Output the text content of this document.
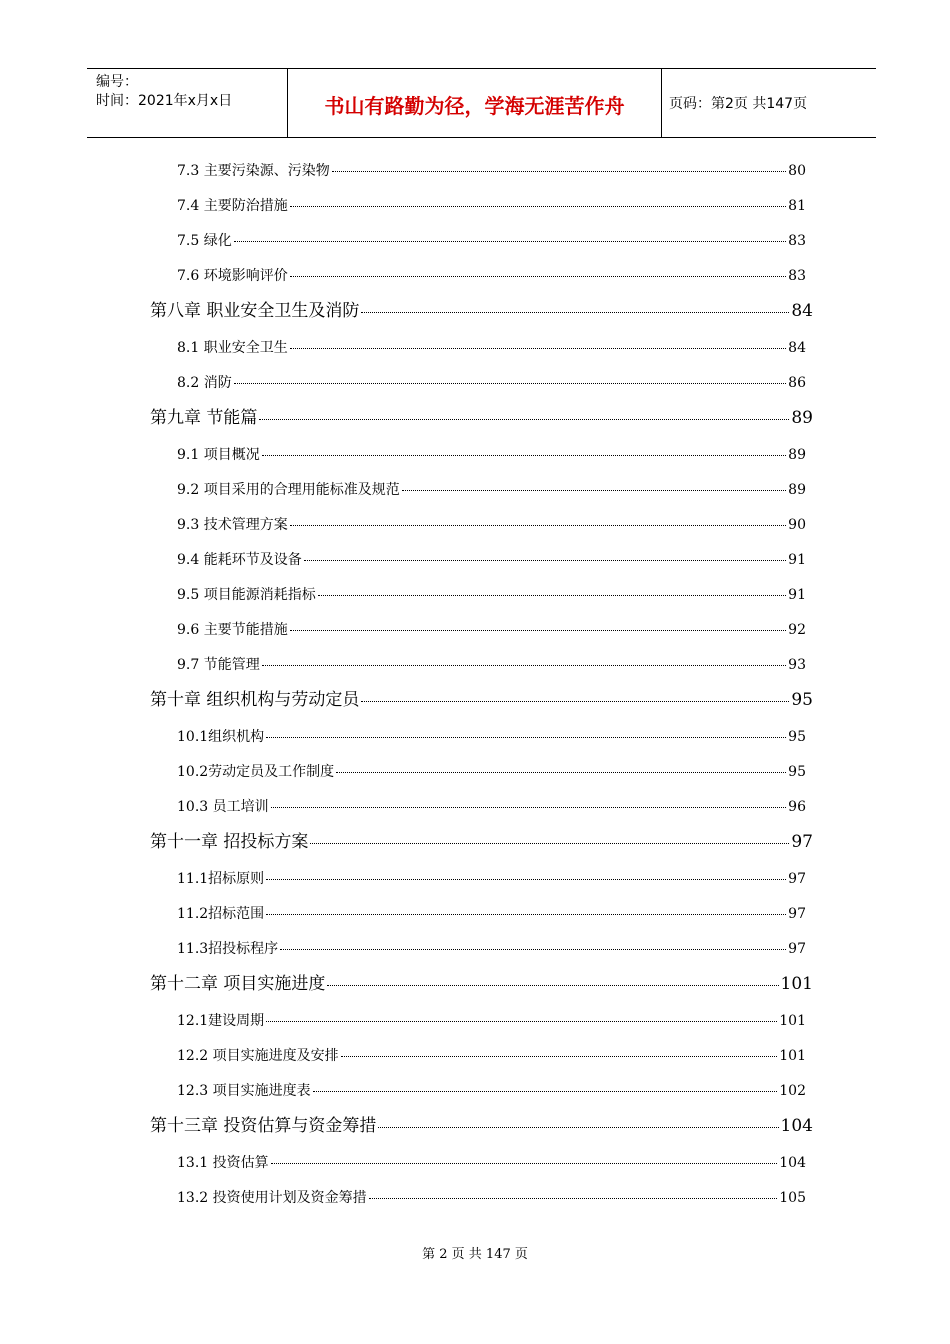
编号：
时间：2021年x月x日	书山有路勤为径，学海无涯苦作舟	页码：第2页 共147页
7.3 主要污染源、污染物	80
7.4 主要防治措施	81
7.5 绿化	83
7.6 环境影响评价	83
第八章 职业安全卫生及消防	84
8.1 职业安全卫生	84
8.2 消防	86
第九章 节能篇	89
9.1 项目概况	89
9.2 项目采用的合理用能标准及规范	89
9.3 技术管理方案	90
9.4 能耗环节及设备	91
9.5 项目能源消耗指标	91
9.6 主要节能措施	92
9.7 节能管理	93
第十章 组织机构与劳动定员	95
10.1组织机构	95
10.2劳动定员及工作制度	95
10.3 员工培训	96
第十一章 招投标方案	97
11.1招标原则	97
11.2招标范围	97
11.3招投标程序	97
第十二章 项目实施进度	101
12.1建设周期	101
12.2 项目实施进度及安排	101
12.3 项目实施进度表	102
第十三章 投资估算与资金筹措	104
13.1 投资估算	104
13.2 投资使用计划及资金筹措	105
第 2 页 共 147 页
